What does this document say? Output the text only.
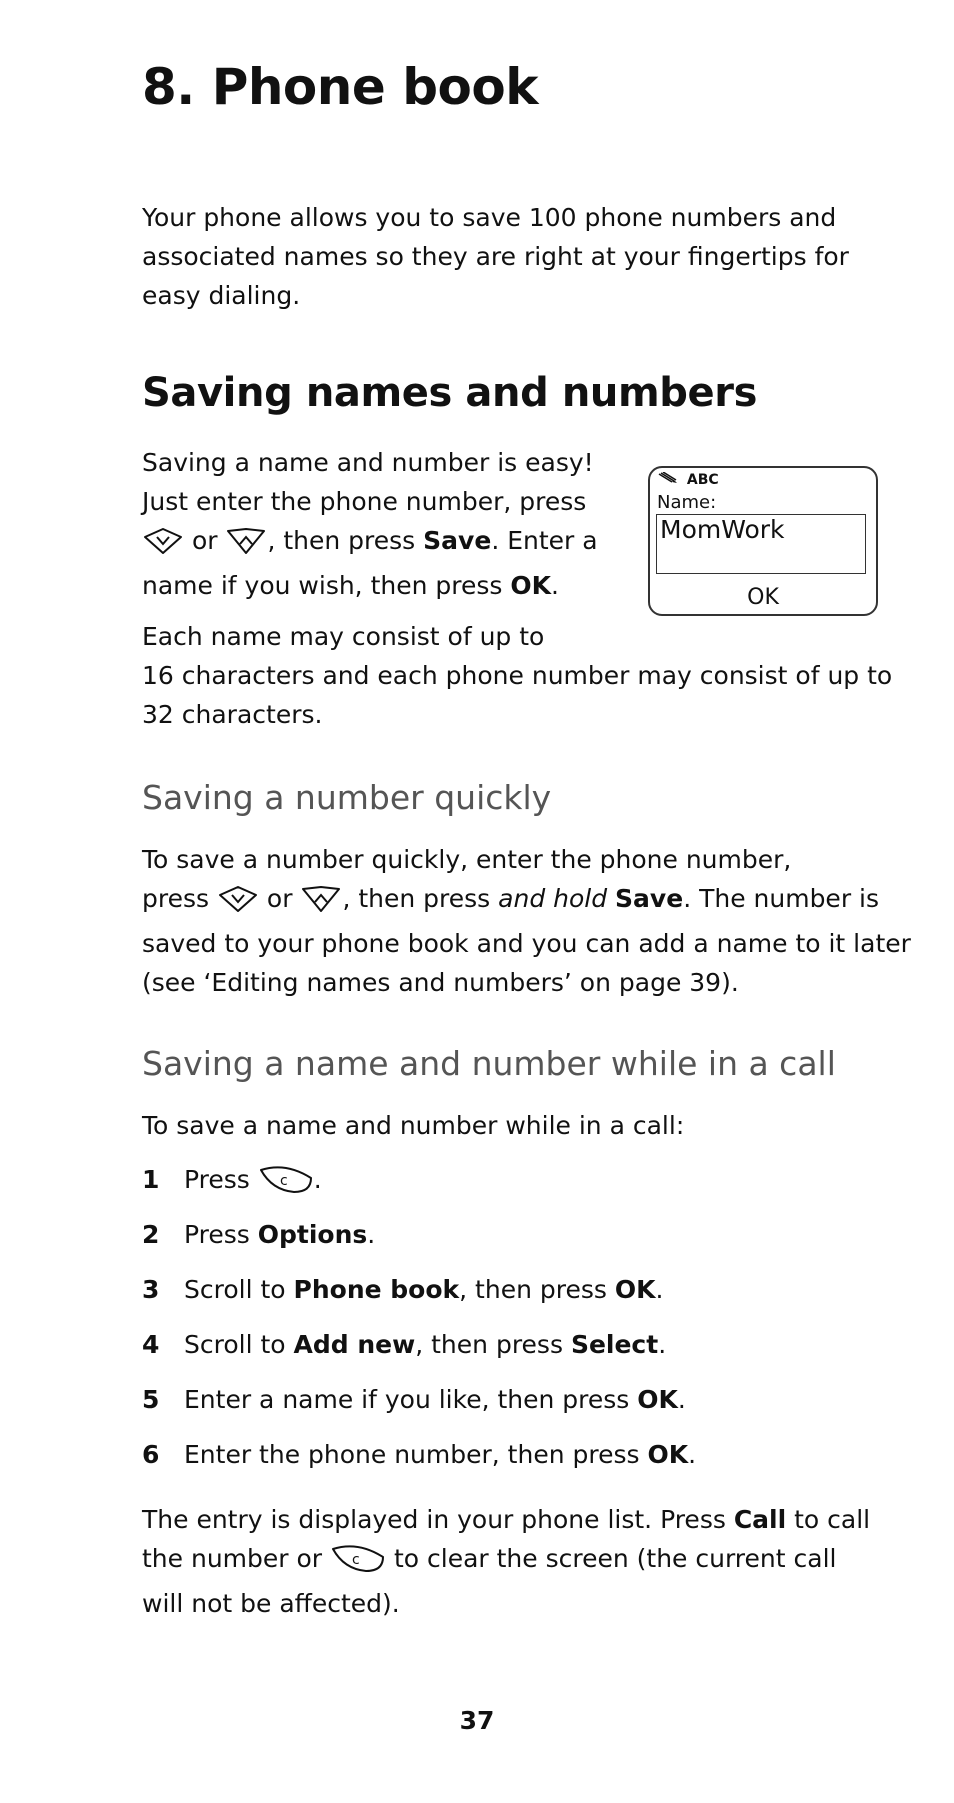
8. Phone book

Your phone allows you to save 100 phone numbers and

associated names so they are right at your fingertips for

easy dialing.

Saving names and numbers

Saving a name and number is easy!

Just enter the phone number, press

or , then press Save. Enter a

name if you wish, then press OK.

Each name may consist of up to

16 characters and each phone number may consist of up to

32 characters.

Saving a number quickly

To save a number quickly, enter the phone number,

press  or , then press and hold Save. The number is

saved to your phone book and you can add a name to it later

(see ‘Editing names and numbers’ on page 39).

Saving a name and number while in a call

To save a name and number while in a call:

1 Press c .
2 Press Options.
3 Scroll to Phone book, then press OK.
4 Scroll to Add new, then press Select.
5 Enter a name if you like, then press OK.
6 Enter the phone number, then press OK.

The entry is displayed in your phone list. Press Call to call

the number or c to clear the screen (the current call

will not be affected).

ABC
Name:
MomWork
OK
37
